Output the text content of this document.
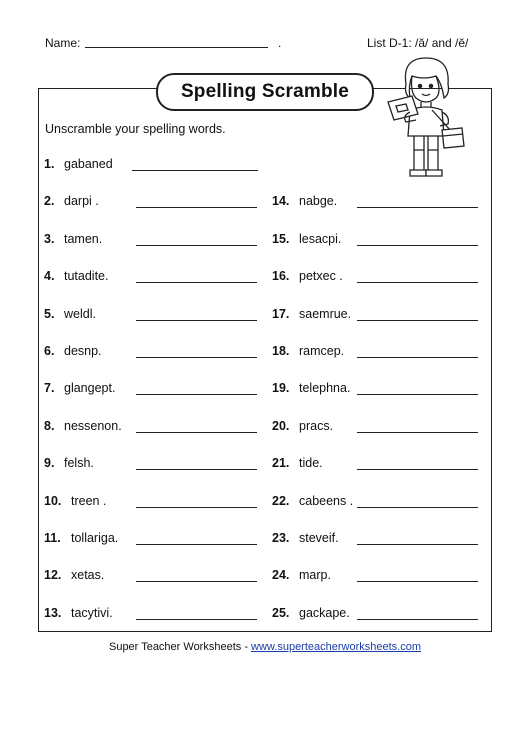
Name:	.	List D-1: /ă/ and /ĕ/
Spelling Scramble
Unscramble your spelling words.
1. gabaned
2. darpi .
3. tamen.
4. tutadite.
5. weldl.
6. desnp.
7. glangept.
8. nessenon.
9. felsh.
10. treen .
11. tollariga.
12. xetas.
13. tacytivi.
14. nabge.
15. lesacpi.
16. petxec .
17. saemrue.
18. ramcep.
19. telephna.
20. pracs.
21. tide.
22. cabeens .
23. steveif.
24. marp.
25. gackape.
Super Teacher Worksheets - www.superteacherworksheets.com
